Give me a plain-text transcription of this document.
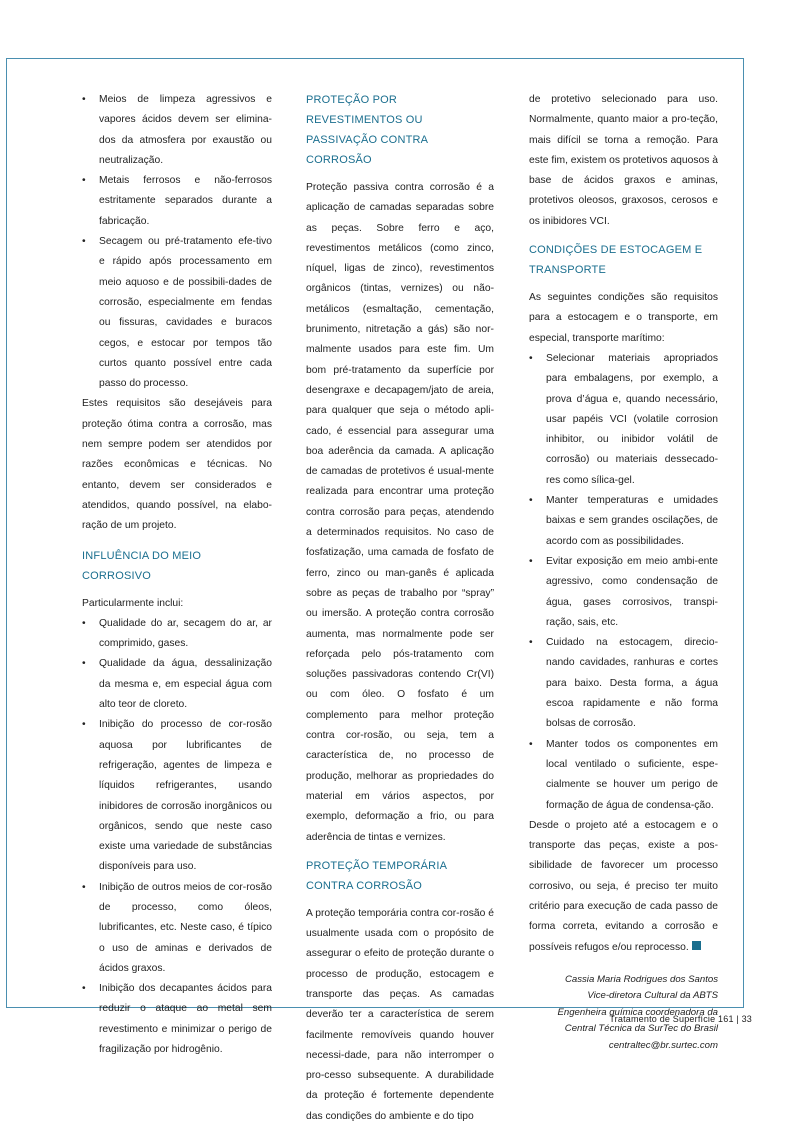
• Meios de limpeza agressivos e vapores ácidos devem ser elimina-dos da atmosfera por exaustão ou neutralização.
• Metais ferrosos e não-ferrosos estritamente separados durante a fabricação.
• Secagem ou pré-tratamento efe-tivo e rápido após processamento em meio aquoso e de possibili-dades de corrosão, especialmente em fendas ou fissuras, cavidades e buracos cegos, e estocar por tempos tão curtos quanto possível entre cada passo do processo.

Estes requisitos são desejáveis para proteção ótima contra a corrosão, mas nem sempre podem ser atendidos por razões econômicas e técnicas. No entanto, devem ser considerados e atendidos, quando possível, na elabo-ração de um projeto.

INFLUÊNCIA DO MEIO CORROSIVO

Particularmente inclui:

• Qualidade do ar, secagem do ar, ar comprimido, gases.
• Qualidade da água, dessalinização da mesma e, em especial água com alto teor de cloreto.
• Inibição do processo de cor-rosão aquosa por lubrificantes de refrigeração, agentes de limpeza e líquidos refrigerantes, usando inibidores de corrosão inorgânicos ou orgânicos, sendo que neste caso existe uma variedade de substâncias disponíveis para uso.
• Inibição de outros meios de cor-rosão de processo, como óleos, lubrificantes, etc. Neste caso, é típico o uso de aminas e derivados de ácidos graxos.
• Inibição dos decapantes ácidos para reduzir o ataque ao metal sem revestimento e minimizar o perigo de fragilização por hidrogênio.
PROTEÇÃO POR REVESTIMENTOS OU PASSIVAÇÃO CONTRA CORROSÃO

Proteção passiva contra corrosão é a aplicação de camadas separadas sobre as peças. Sobre ferro e aço, revestimentos metálicos (como zinco, níquel, ligas de zinco), revestimentos orgânicos (tintas, vernizes) ou não-metálicos (esmaltação, cementação, brunimento, nitretação a gás) são nor-malmente usados para este fim. Um bom pré-tratamento da superfície por desengraxe e decapagem/jato de areia, para qualquer que seja o método apli-cado, é essencial para assegurar uma boa aderência da camada. A aplicação de camadas de protetivos é usual-mente realizada para encontrar uma proteção contra corrosão para peças, atendendo a determinados requisitos. No caso de fosfatização, uma camada de fosfato de ferro, zinco ou man-ganês é aplicada sobre as peças de trabalho por “spray” ou imersão. A proteção contra corrosão aumenta, mas normalmente pode ser reforçada pelo pós-tratamento com soluções passivadoras contendo Cr(VI) ou com óleo. O fosfato é um complemento para melhor proteção contra cor-rosão, ou seja, tem a característica de, no processo de produção, melhorar as propriedades do material em vários aspectos, por exemplo, deformação a frio, ou para aderência de tintas e vernizes.

PROTEÇÃO TEMPORÁRIA CONTRA CORROSÃO

A proteção temporária contra cor-rosão é usualmente usada com o propósito de assegurar o efeito de proteção durante o processo de produção, estocagem e transporte das peças. As camadas deverão ter a característica de serem facilmente removíveis quando houver necessi-dade, para não interromper o pro-cesso subsequente. A durabilidade da proteção é fortemente dependente das condições do ambiente e do tipo

de protetivo selecionado para uso. Normalmente, quanto maior a pro-teção, mais difícil se torna a remoção. Para este fim, existem os protetivos aquosos à base de ácidos graxos e aminas, protetivos oleosos, graxosos, cerosos e os inibidores VCI.

CONDIÇÕES DE ESTOCAGEM E TRANSPORTE

As seguintes condições são requisitos para a estocagem e o transporte, em especial, transporte marítimo:

• Selecionar materiais apropriados para embalagens, por exemplo, a prova d’água e, quando necessário, usar papéis VCI (volatile corrosion inhibitor, ou inibidor volátil de corrosão) ou materiais dessecado-res como sílica-gel.
• Manter temperaturas e umidades baixas e sem grandes oscilações, de acordo com as possibilidades.
• Evitar exposição em meio ambi-ente agressivo, como condensação de água, gases corrosivos, transpi-ração, sais, etc.
• Cuidado na estocagem, direcio-nando cavidades, ranhuras e cortes para baixo. Desta forma, a água escoa rapidamente e não forma bolsas de corrosão.
• Manter todos os componentes em local ventilado o suficiente, espe-cialmente se houver um perigo de formação de água de condensa-ção.

Desde o projeto até a estocagem e o transporte das peças, existe a pos-sibilidade de favorecer um processo corrosivo, ou seja, é preciso ter muito critério para execução de cada passo de forma correta, evitando a corrosão e possíveis refugos e/ou reprocesso.

Cassia Maria Rodrigues dos Santos
Vice-diretora Cultural da ABTS
Engenheira química coordenadora da Central Técnica da SurTec do Brasil
centraltec@br.surtec.com
Tratamento de Superfície 161 | 33
